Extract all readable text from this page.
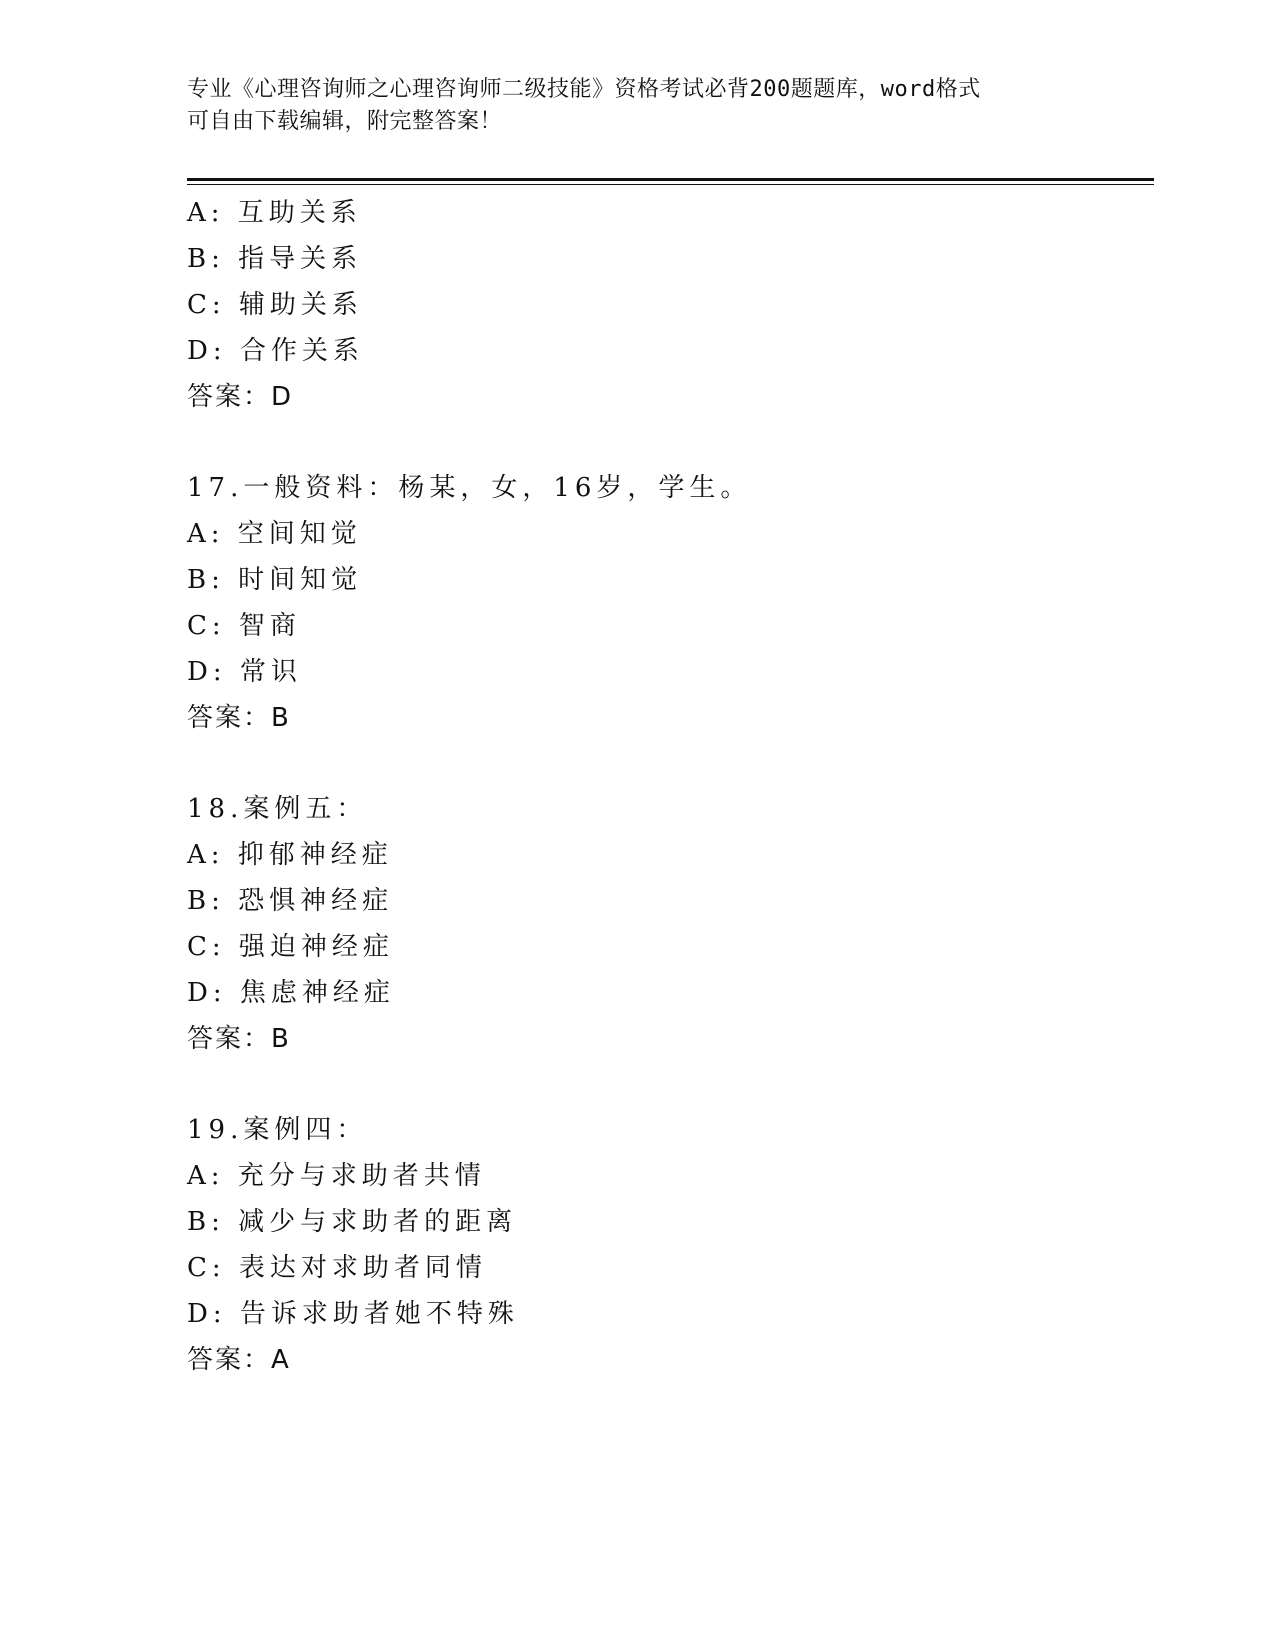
专业《心理咨询师之心理咨询师二级技能》资格考试必背200题题库，word格式
可自由下载编辑，附完整答案！
A: 互助关系
B: 指导关系
C: 辅助关系
D: 合作关系
答案：D
17.一般资料：杨某，女，16岁，学生。
A: 空间知觉
B: 时间知觉
C: 智商
D: 常识
答案：B
18.案例五：
A: 抑郁神经症
B: 恐惧神经症
C: 强迫神经症
D: 焦虑神经症
答案：B
19.案例四：
A: 充分与求助者共情
B: 减少与求助者的距离
C: 表达对求助者同情
D: 告诉求助者她不特殊
答案：A
